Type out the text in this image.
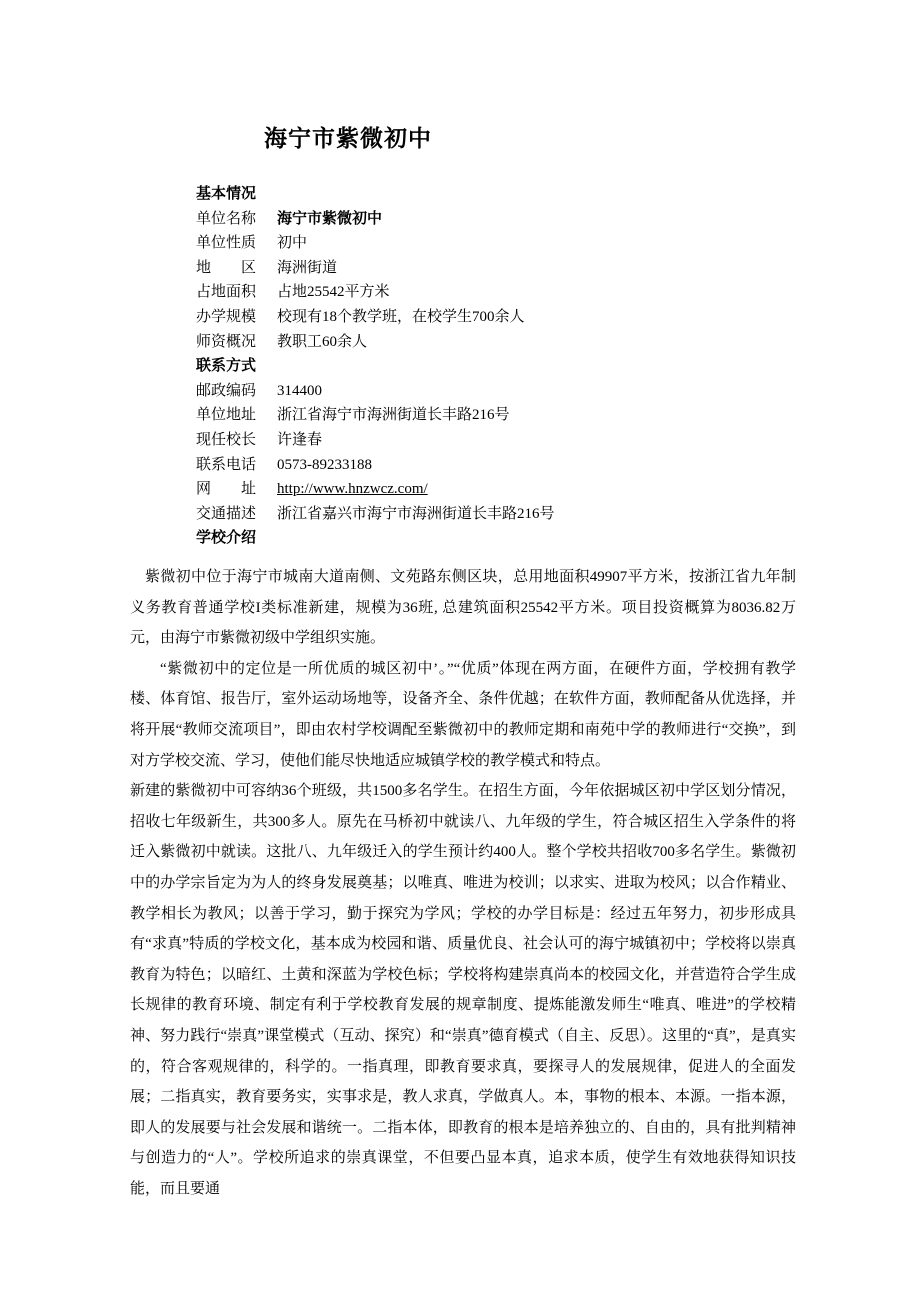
海宁市紫微初中
基本情况
单位名称 海宁市紫微初中
单位性质 初中
地　　区 海洲街道
占地面积 占地25542平方米
办学规模 校现有18个教学班，在校学生700余人
师资概况 教职工60余人
联系方式
邮政编码 314400
单位地址 浙江省海宁市海洲街道长丰路216号
现任校长 许逢春
联系电话 0573-89233188
网　　址 http://www.hnzwcz.com/
交通描述 浙江省嘉兴市海宁市海洲街道长丰路216号
学校介绍

紫微初中位于海宁市城南大道南侧、文苑路东侧区块，总用地面积49907平方米，按浙江省九年制义务教育普通学校I类标准新建，规模为36班, 总建筑面积25542平方米。项目投资概算为8036.82万元，由海宁市紫微初级中学组织实施。

“紫微初中的定位是一所优质的城区初中’。”“优质”体现在两方面，在硬件方面，学校拥有教学楼、体育馆、报告厅，室外运动场地等，设备齐全、条件优越；在软件方面，教师配备从优选择，并将开展“教师交流项目”，即由农村学校调配至紫微初中的教师定期和南苑中学的教师进行“交换”，到对方学校交流、学习，使他们能尽快地适应城镇学校的教学模式和特点。

新建的紫微初中可容纳36个班级，共1500多名学生。在招生方面，今年依据城区初中学区划分情况，招收七年级新生，共300多人。原先在马桥初中就读八、九年级的学生，符合城区招生入学条件的将迁入紫微初中就读。这批八、九年级迁入的学生预计约400人。整个学校共招收700多名学生。紫微初中的办学宗旨定为为人的终身发展奠基；以唯真、唯进为校训；以求实、进取为校风；以合作精业、教学相长为教风；以善于学习，勤于探究为学风；学校的办学目标是：经过五年努力，初步形成具有“求真”特质的学校文化，基本成为校园和谐、质量优良、社会认可的海宁城镇初中；学校将以崇真教育为特色；以暗红、土黄和深蓝为学校色标；学校将构建崇真尚本的校园文化，并营造符合学生成长规律的教育环境、制定有利于学校教育发展的规章制度、提炼能激发师生“唯真、唯进”的学校精神、努力践行“崇真”课堂模式（互动、探究）和“崇真”德育模式（自主、反思）。这里的“真”，是真实的，符合客观规律的，科学的。一指真理，即教育要求真，要探寻人的发展规律，促进人的全面发展；二指真实，教育要务实，实事求是，教人求真，学做真人。本，事物的根本、本源。一指本源，即人的发展要与社会发展和谐统一。二指本体，即教育的根本是培养独立的、自由的，具有批判精神与创造力的“人”。学校所追求的崇真课堂，不但要凸显本真，追求本质，使学生有效地获得知识技能，而且要通
